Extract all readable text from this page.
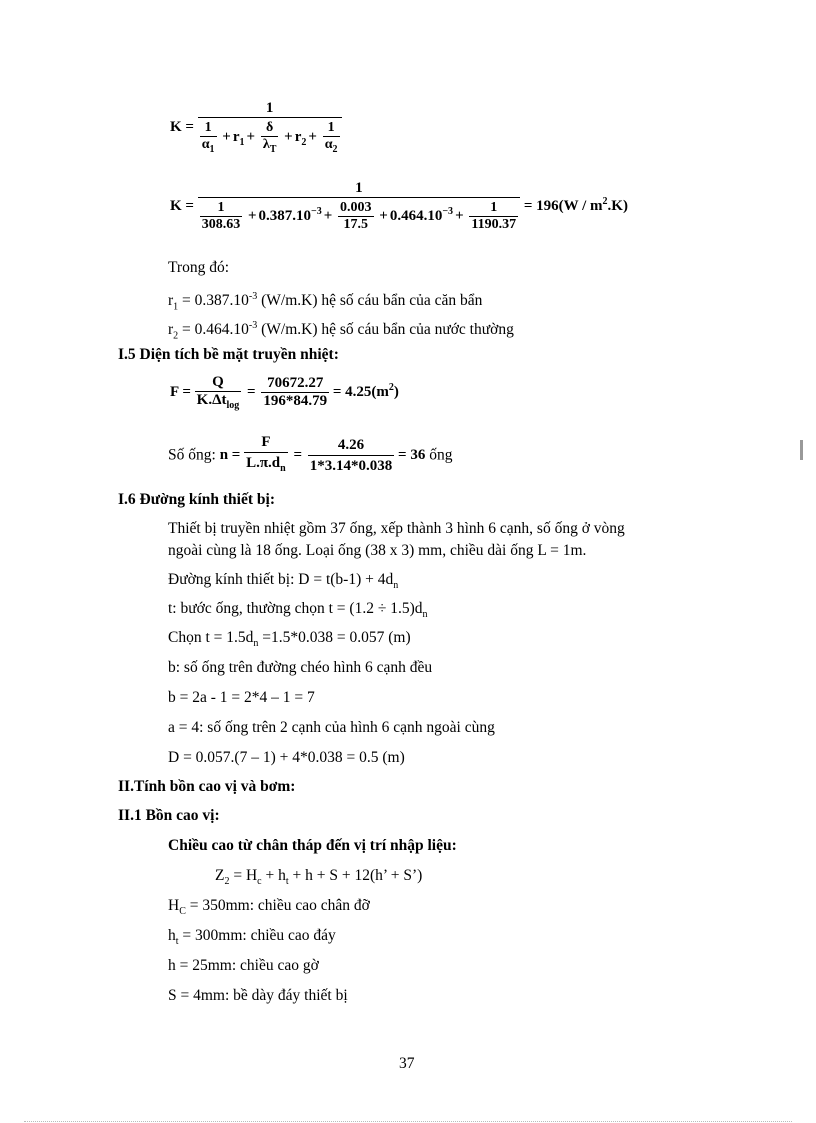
$K = \frac{1}{\frac{1}{\alpha_1} + r_1 + \frac{\delta}{\lambda_T} + r_2 + \frac{1}{\alpha_2}}$
K =
1
$\frac{1}{308.63} + 0.387.10^{-3} + \frac{0.003}{17.5} + 0.464.10^{-3} + \frac{1}{1190.37} = 196(W / m^2.K)$
Trong đó:
$r_1 = 0.387.10^{-3}$ (W/m.K) hệ số cáu bẩn của căn bẩn
$r_2 = 0.464.10^{-3}$ (W/m.K) hệ số cáu bẩn của nước thường
I.5 Diện tích bề mặt truyền nhiệt:
$F = \frac{Q}{K.\Delta t_{log}} = \frac{70672.27}{196*84.79} = 4.25(m^2)$
Số ống: $n = \frac{F}{L.\pi.d_n} = \frac{4.26}{1*3.14*0.038} = 36$ ống
I.6 Đường kính thiết bị:
Thiết bị truyền nhiệt gồm 37 ống, xếp thành 3 hình 6 cạnh, số ống ở vòng
ngoài cùng là 18 ống. Loại ống (38 x 3) mm, chiều dài ống L = 1m.
Đường kính thiết bị: $D = t(b-1) + 4d_n$
t: bước ống, thường chọn $t = (1.2 \div 1.5)d_n$
Chọn $t = 1.5d_n =1.5*0.038 = 0.057$ (m)
b: số ống trên đường chéo hình 6 cạnh đều
b = 2a - 1 = 2*4 – 1 = 7
a = 4: số ống trên 2 cạnh của hình 6 cạnh ngoài cùng
D = 0.057.(7 – 1) + 4*0.038 = 0.5 (m)
II.Tính bồn cao vị và bơm:
II.1 Bồn cao vị:
Chiều cao từ chân tháp đến vị trí nhập liệu:
$Z_2 = H_c + h_t + h + S + 12(h$’ + S’)
$H_C = 350mm$: chiều cao chân đỡ
$h_t = 300mm$: chiều cao đáy
h = 25mm: chiều cao gờ
S = 4mm: bề dày đáy thiết bị
37
